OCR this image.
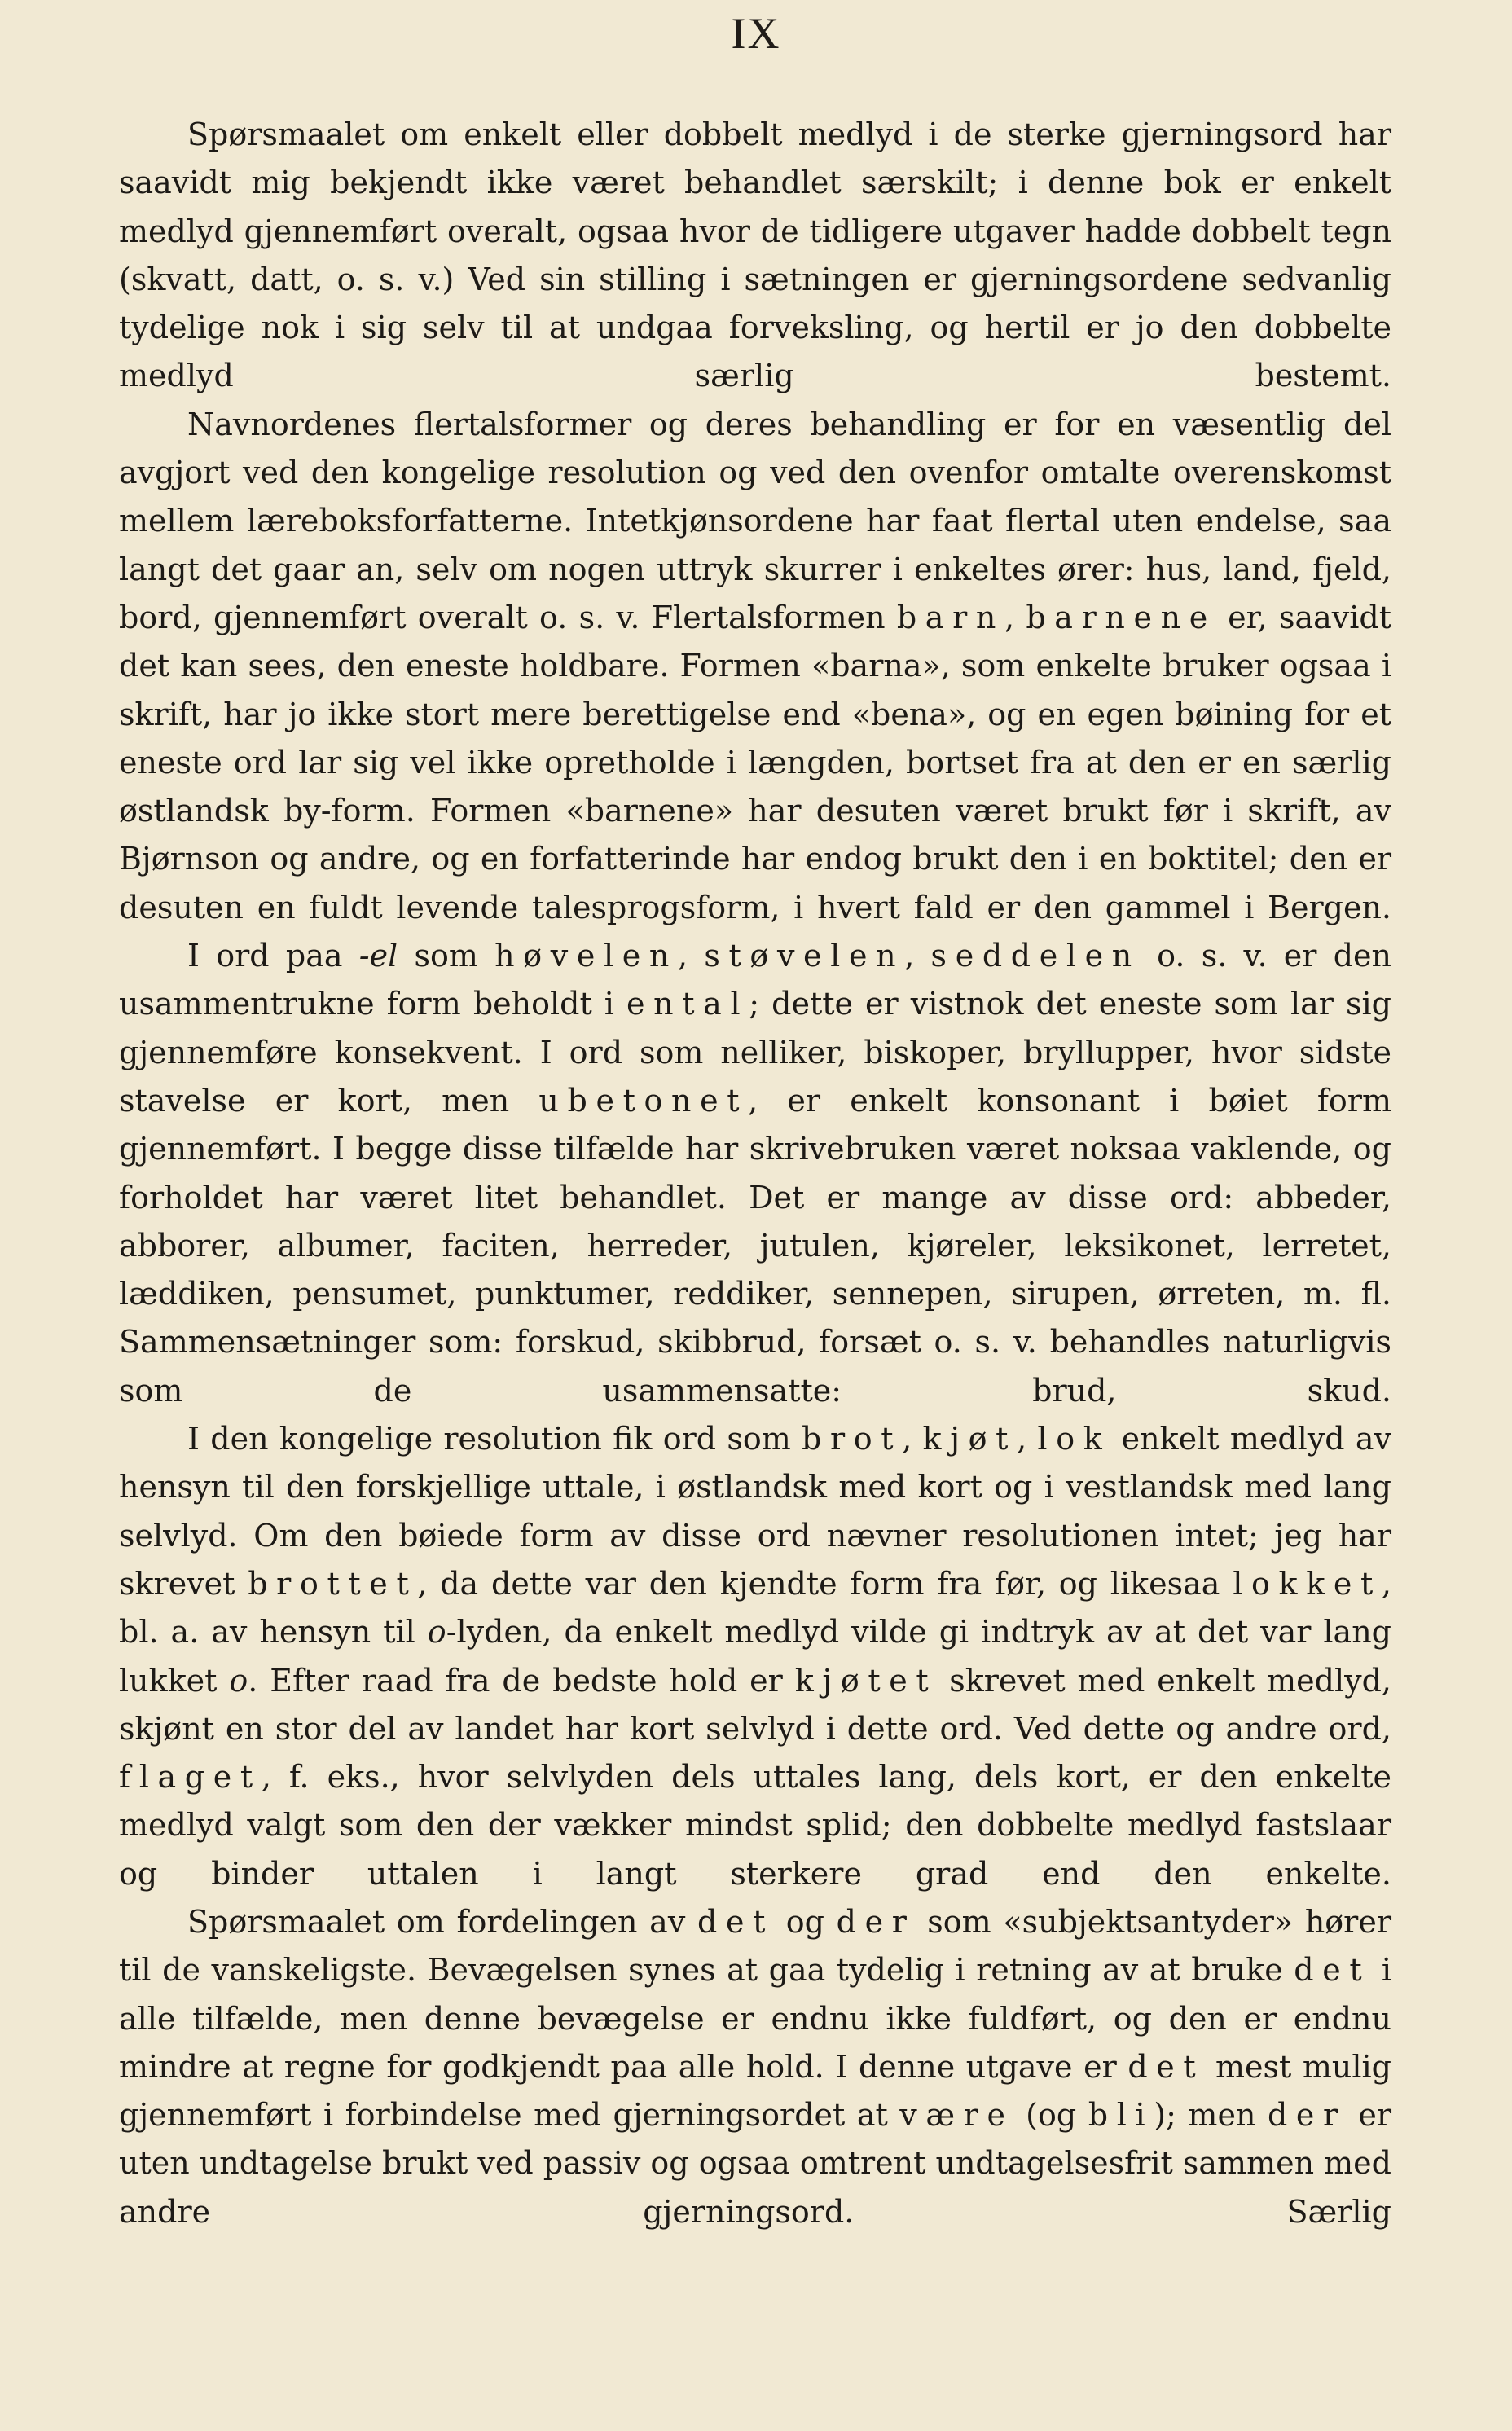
IX

Spørsmaalet om enkelt eller dobbelt medlyd i de sterke gjerningsord har saavidt mig bekjendt ikke været behandlet særskilt; i denne bok er enkelt medlyd gjennemført overalt, ogsaa hvor de tidligere utgaver hadde dobbelt tegn (skvatt, datt, o. s. v.) Ved sin stilling i sætningen er gjerningsordene sedvanlig tydelige nok i sig selv til at undgaa forveksling, og hertil er jo den dobbelte medlyd særlig bestemt.

Navnordenes flertalsformer og deres behandling er for en væsentlig del avgjort ved den kongelige resolution og ved den ovenfor omtalte overenskomst mellem læreboksforfatterne. Intetkjønsordene har faat flertal uten endelse, saa langt det gaar an, selv om nogen uttryk skurrer i enkeltes ører: hus, land, fjeld, bord, gjennemført overalt o. s. v. Flertalsformen barn, barnene er, saavidt det kan sees, den eneste holdbare. Formen «barna», som enkelte bruker ogsaa i skrift, har jo ikke stort mere berettigelse end «bena», og en egen bøining for et eneste ord lar sig vel ikke opretholde i længden, bortset fra at den er en særlig østlandsk by-form. Formen «barnene» har desuten været brukt før i skrift, av Bjørnson og andre, og en forfatterinde har endog brukt den i en boktitel; den er desuten en fuldt levende talesprogsform, i hvert fald er den gammel i Bergen.

I ord paa -el som høvelen, støvelen, seddelen o. s. v. er den usammentrukne form beholdt i ental; dette er vistnok det eneste som lar sig gjennemføre konsekvent. I ord som nelliker, biskoper, bryllupper, hvor sidste stavelse er kort, men ubetonet, er enkelt konsonant i bøiet form gjennemført. I begge disse tilfælde har skrivebruken været noksaa vaklende, og forholdet har været litet behandlet. Det er mange av disse ord: abbeder, abborer, albumer, faciten, herreder, jutulen, kjøreler, leksikonet, lerretet, læddiken, pensumet, punktumer, reddiker, sennepen, sirupen, ørreten, m. fl. Sammensætninger som: forskud, skibbrud, forsæt o. s. v. behandles naturligvis som de usammensatte: brud, skud.

I den kongelige resolution fik ord som brot, kjøt, lok enkelt medlyd av hensyn til den forskjellige uttale, i østlandsk med kort og i vestlandsk med lang selvlyd. Om den bøiede form av disse ord nævner resolutionen intet; jeg har skrevet brottet, da dette var den kjendte form fra før, og likesaa lokket, bl. a. av hensyn til o-lyden, da enkelt medlyd vilde gi indtryk av at det var lang lukket o. Efter raad fra de bedste hold er kjøtet skrevet med enkelt medlyd, skjønt en stor del av landet har kort selvlyd i dette ord. Ved dette og andre ord, flaget, f. eks., hvor selvlyden dels uttales lang, dels kort, er den enkelte medlyd valgt som den der vækker mindst splid; den dobbelte medlyd fastslaar og binder uttalen i langt sterkere grad end den enkelte.

Spørsmaalet om fordelingen av det og der som «subjektsantyder» hører til de vanskeligste. Bevægelsen synes at gaa tydelig i retning av at bruke det i alle tilfælde, men denne bevægelse er endnu ikke fuldført, og den er endnu mindre at regne for godkjendt paa alle hold. I denne utgave er det mest mulig gjennemført i forbindelse med gjerningsordet at være (og bli); men der er uten undtagelse brukt ved passiv og ogsaa omtrent undtagelsesfrit sammen med andre gjerningsord. Særlig
